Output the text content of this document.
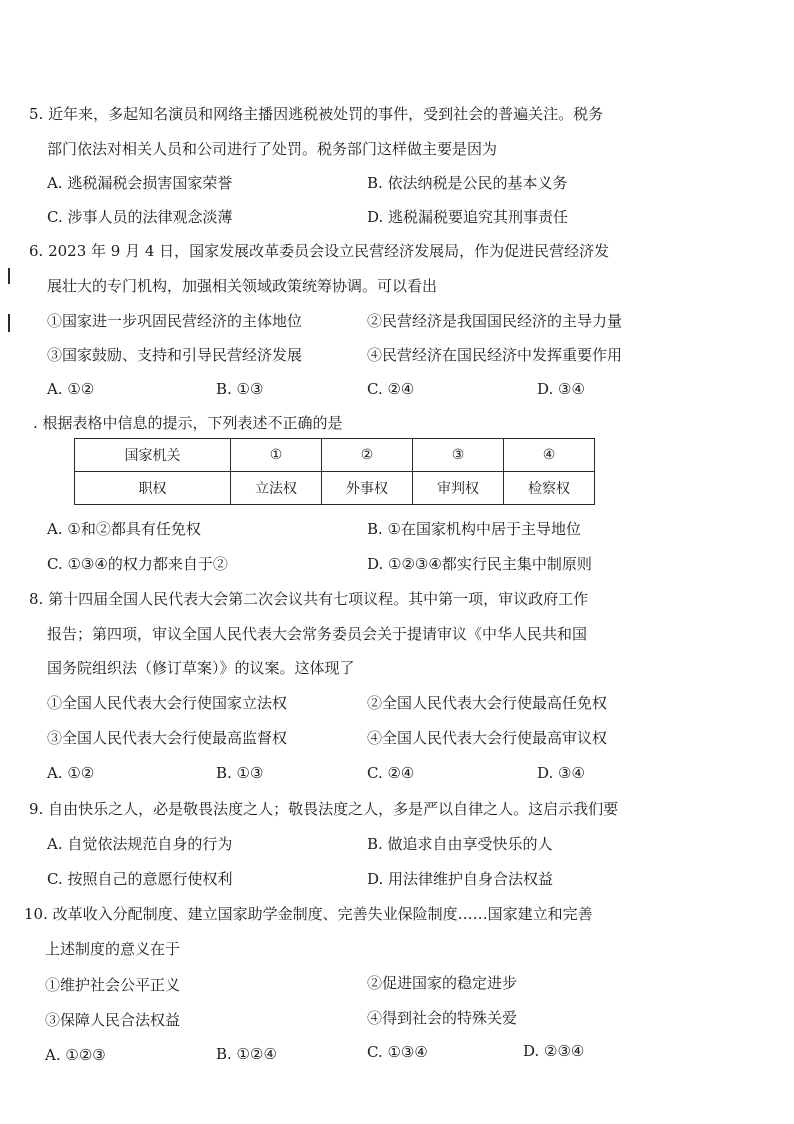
5. 近年来，多起知名演员和网络主播因逃税被处罚的事件，受到社会的普遍关注。税务
部门依法对相关人员和公司进行了处罚。税务部门这样做主要是因为
A. 逃税漏税会损害国家荣誉	B. 依法纳税是公民的基本义务
C. 涉事人员的法律观念淡薄	D. 逃税漏税要追究其刑事责任
6. 2023 年 9 月 4 日，国家发展改革委员会设立民营经济发展局，作为促进民营经济发
展壮大的专门机构，加强相关领域政策统筹协调。可以看出
①国家进一步巩固民营经济的主体地位	②民营经济是我国国民经济的主导力量
③国家鼓励、支持和引导民营经济发展	④民营经济在国民经济中发挥重要作用
A. ①②	B. ①③	C. ②④	D. ③④
. 根据表格中信息的提示，下列表述不正确的是
国家机关	①	②	③	④
职权	立法权	外事权	审判权	检察权
A. ①和②都具有任免权	B. ①在国家机构中居于主导地位
C. ①③④的权力都来自于②	D. ①②③④都实行民主集中制原则
8. 第十四届全国人民代表大会第二次会议共有七项议程。其中第一项，审议政府工作
报告；第四项，审议全国人民代表大会常务委员会关于提请审议《中华人民共和国
国务院组织法（修订草案）》的议案。这体现了
①全国人民代表大会行使国家立法权	②全国人民代表大会行使最高任免权
③全国人民代表大会行使最高监督权	④全国人民代表大会行使最高审议权
A. ①②	B. ①③	C. ②④	D. ③④
9. 自由快乐之人，必是敬畏法度之人；敬畏法度之人，多是严以自律之人。这启示我们要
A. 自觉依法规范自身的行为	B. 做追求自由享受快乐的人
C. 按照自己的意愿行使权利	D. 用法律维护自身合法权益
10. 改革收入分配制度、建立国家助学金制度、完善失业保险制度……国家建立和完善
上述制度的意义在于
①维护社会公平正义	②促进国家的稳定进步
③保障人民合法权益	④得到社会的特殊关爱
A. ①②③	B. ①②④	C. ①③④	D. ②③④
